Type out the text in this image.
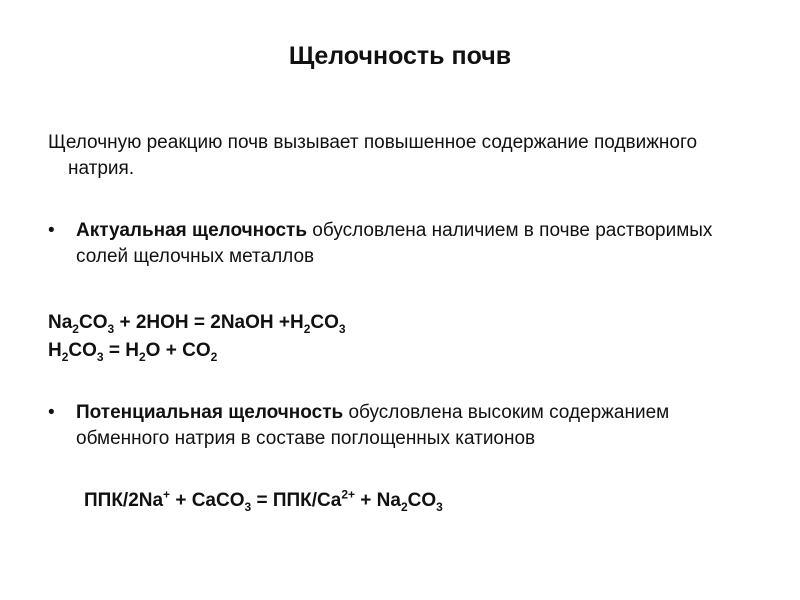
Щелочность почв
Щелочную реакцию почв вызывает повышенное содержание подвижного натрия.
• Актуальная щелочность обусловлена наличием в почве растворимых солей щелочных металлов
$Na_2CO_3 + 2HOH$ = 2NaOH $+H_2CO_3$
$H_2CO_3 = H_2O + CO_2$
• Потенциальная щелочность обусловлена высоким содержанием обменного натрия в составе поглощенных катионов
ППК/2Na+ + CaCO$_3$ = ППК/$Ca^{2+} + Na_2CO_3$
